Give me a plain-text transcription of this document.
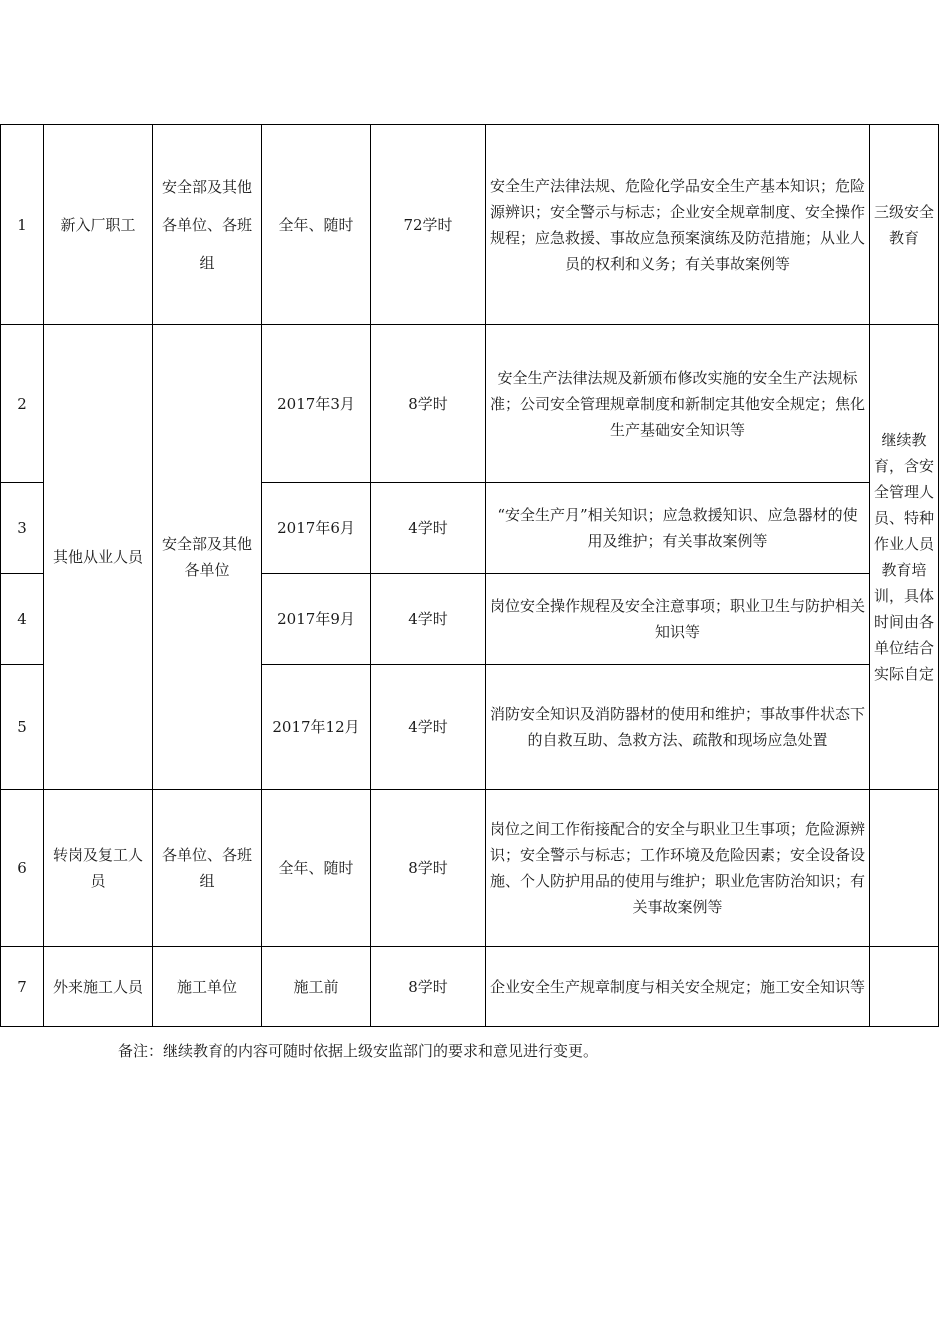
1	新入厂职工	安全部及其他各单位、各班组	全年、随时	72学时	安全生产法律法规、危险化学品安全生产基本知识；危险源辨识；安全警示与标志；企业安全规章制度、安全操作规程；应急救援、事故应急预案演练及防范措施；从业人员的权利和义务；有关事故案例等	三级安全教育
2	其他从业人员	安全部及其他各单位	2017年3月	8学时	安全生产法律法规及新颁布修改实施的安全生产法规标准；公司安全管理规章制度和新制定其他安全规定；焦化生产基础安全知识等	继续教育，含安全管理人员、特种作业人员教育培训，具体时间由各单位结合实际自定
3			2017年6月	4学时	“安全生产月”相关知识；应急救援知识、应急器材的使用及维护；有关事故案例等	
4			2017年9月	4学时	岗位安全操作规程及安全注意事项；职业卫生与防护相关知识等	
5			2017年12月	4学时	消防安全知识及消防器材的使用和维护；事故事件状态下的自救互助、急救方法、疏散和现场应急处置	
6	转岗及复工人员	各单位、各班组	全年、随时	8学时	岗位之间工作衔接配合的安全与职业卫生事项；危险源辨识；安全警示与标志；工作环境及危险因素；安全设备设施、个人防护用品的使用与维护；职业危害防治知识；有关事故案例等	
7	外来施工人员	施工单位	施工前	8学时	企业安全生产规章制度与相关安全规定；施工安全知识等	
备注：继续教育的内容可随时依据上级安监部门的要求和意见进行变更。
